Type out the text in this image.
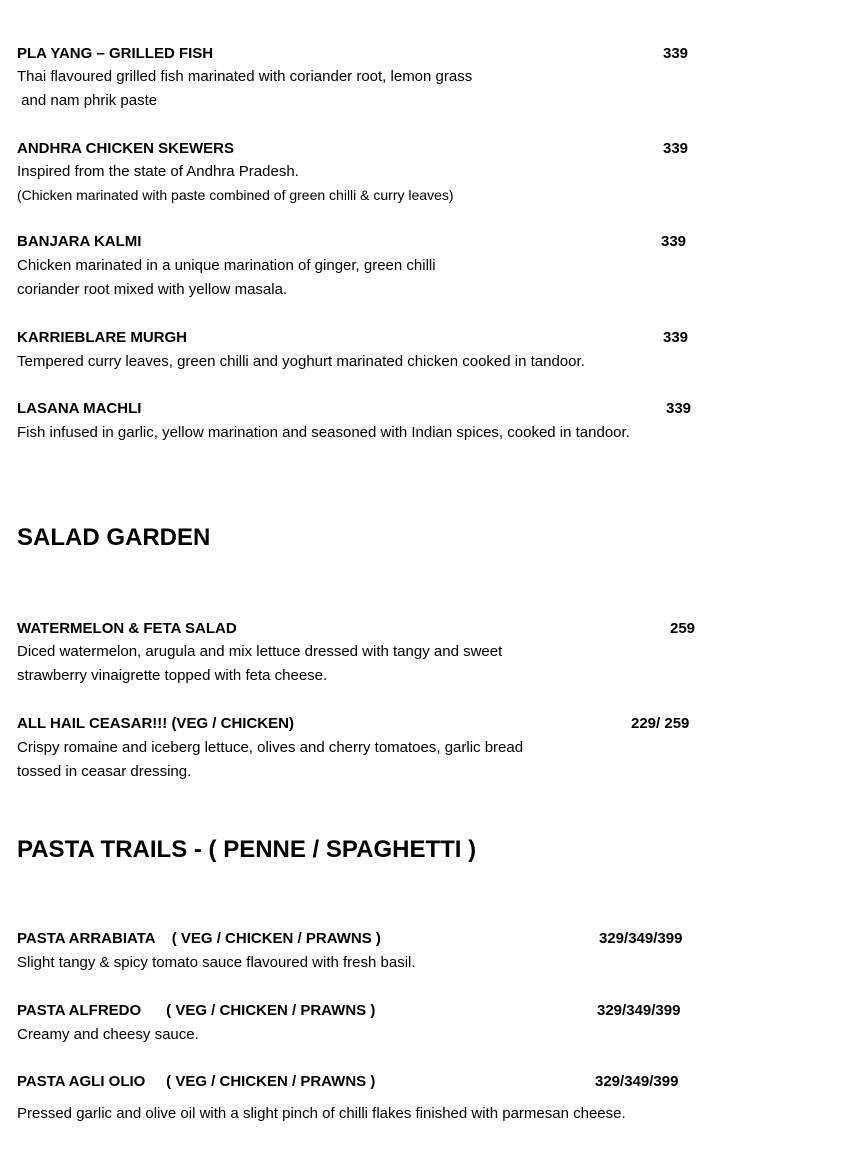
PLA YANG – GRILLED FISH	339
Thai flavoured grilled fish marinated with coriander root, lemon grass
and nam phrik paste
ANDHRA CHICKEN SKEWERS	339
Inspired from the state of Andhra Pradesh.
(Chicken marinated with paste combined of green chilli & curry leaves)
BANJARA KALMI	339
Chicken marinated in a unique marination of ginger, green chilli
coriander root mixed with yellow masala.
KARRIEBLARE MURGH	339
Tempered curry leaves, green chilli and yoghurt marinated chicken cooked in tandoor.
LASANA MACHLI	339
Fish infused in garlic, yellow marination and seasoned with Indian spices, cooked in tandoor.
SALAD GARDEN
WATERMELON & FETA SALAD	259
Diced watermelon, arugula and mix lettuce dressed with tangy and sweet
strawberry vinaigrette topped with feta cheese.
ALL HAIL CEASAR!!! (VEG / CHICKEN)	229/ 259
Crispy romaine and iceberg lettuce, olives and cherry tomatoes, garlic bread
tossed in ceasar dressing.
PASTA TRAILS - ( PENNE / SPAGHETTI )
PASTA ARRABIATA    ( VEG / CHICKEN / PRAWNS )	329/349/399
Slight tangy & spicy tomato sauce flavoured with fresh basil.
PASTA ALFREDO      ( VEG / CHICKEN / PRAWNS )	329/349/399
Creamy and cheesy sauce.
PASTA AGLI OLIO     ( VEG / CHICKEN / PRAWNS )	329/349/399
Pressed garlic and olive oil with a slight pinch of chilli flakes finished with parmesan cheese.
